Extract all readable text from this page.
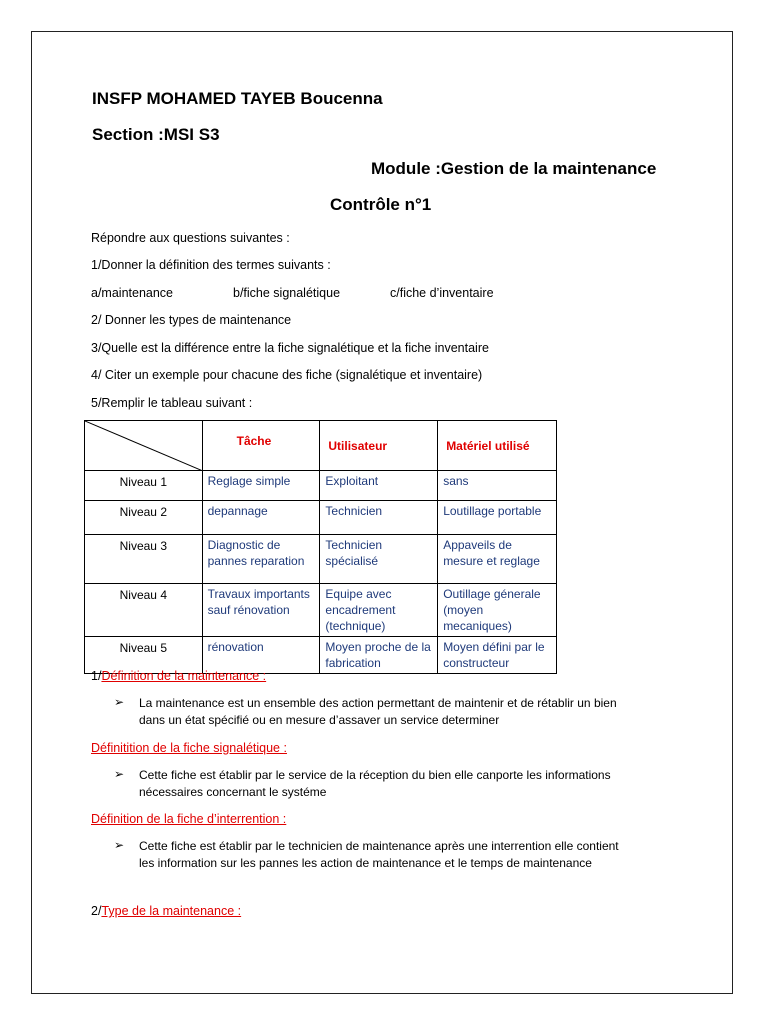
INSFP MOHAMED TAYEB Boucenna
Section :MSI S3
Module :Gestion de la maintenance
Contrôle n°1
Répondre aux questions suivantes :
1/Donner la définition des termes suivants :
a/maintenance	b/fiche signalétique	c/fiche d’inventaire
2/ Donner les types de maintenance
3/Quelle est la différence entre la fiche signalétique et la fiche inventaire
4/ Citer un exemple pour chacune des fiche (signalétique et inventaire)
5/Remplir le tableau suivant :
	Tâche	Utilisateur	Matériel utilisé
Niveau 1	Reglage simple	Exploitant	sans
Niveau 2	depannage	Technicien	Loutillage portable
Niveau 3	Diagnostic de pannes reparation	Technicien spécialisé	Appaveils de mesure et reglage
Niveau 4	Travaux importants sauf rénovation	Equipe avec encadrement (technique)	Outillage génerale (moyen mecaniques)
Niveau 5	rénovation	Moyen proche de la fabrication	Moyen défini par le constructeur
1/Définition de la maintenance :
➢ La maintenance est un ensemble des action permettant de maintenir et de rétablir un bien
dans un état spécifié ou en mesure d’assaver un service determiner
Définitition de la fiche signalétique :
➢ Cette fiche est établir par le service de la réception du bien elle canporte les informations
nécessaires concernant le systéme
Définition de la fiche d’interrention :
➢ Cette fiche est établir par le technicien de maintenance après une interrention elle contient
les information sur les pannes les action de maintenance et le temps de maintenance
2/Type de la maintenance :
